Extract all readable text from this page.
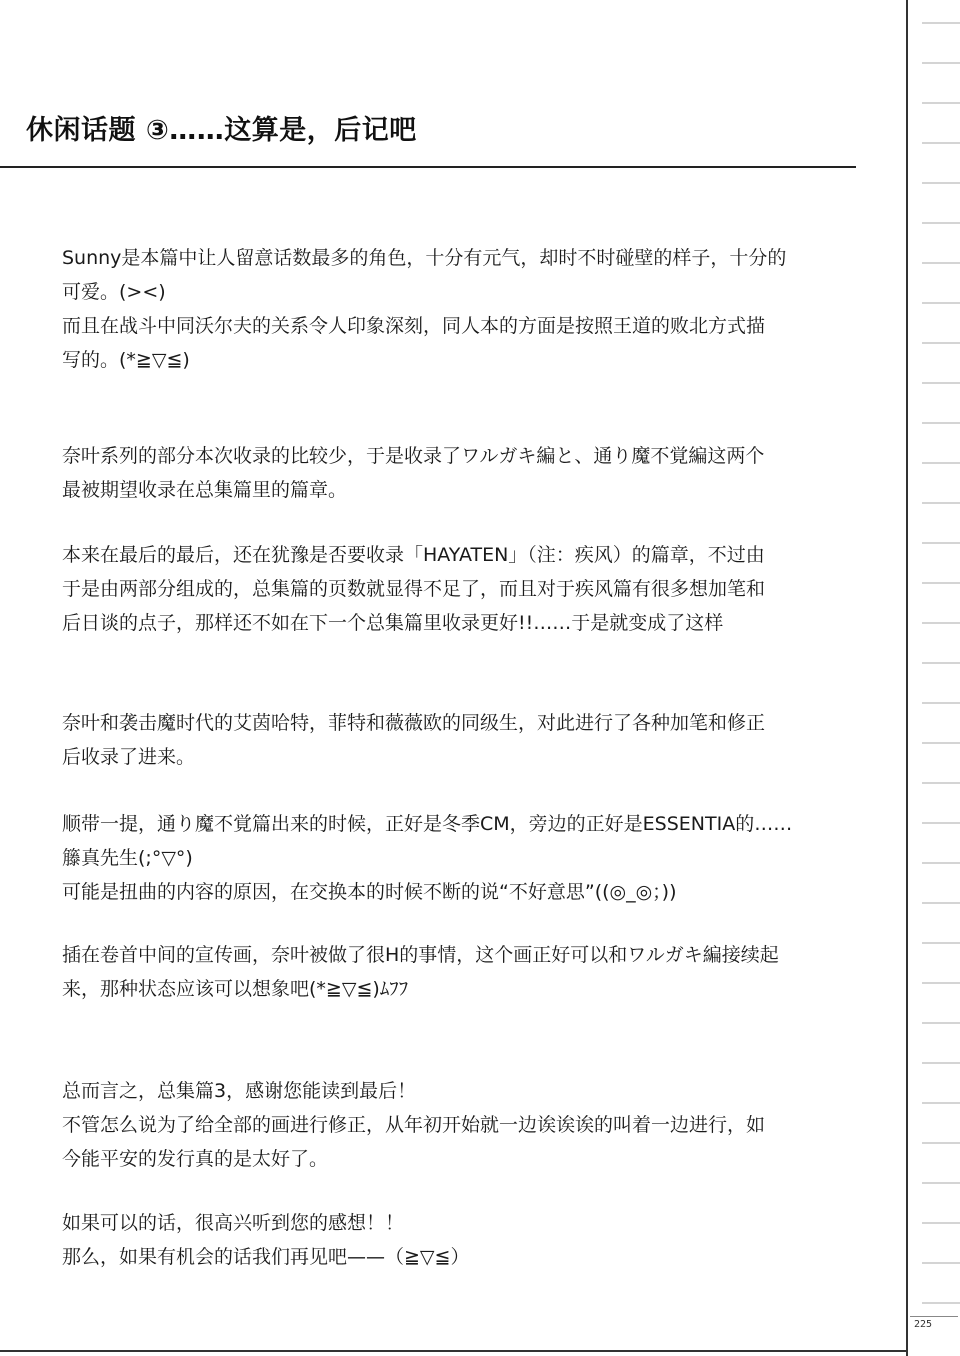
休闲话题 ③……这算是，后记吧
Sunny是本篇中让人留意话数最多的角色，十分有元气，却时不时碰壁的样子，十分的
可爱。(><)
而且在战斗中同沃尔夫的关系令人印象深刻，同人本的方面是按照王道的败北方式描
写的。(*≧▽≦)
奈叶系列的部分本次收录的比较少，于是收录了ワルガキ編と、通り魔不覚編这两个
最被期望收录在总集篇里的篇章。
本来在最后的最后，还在犹豫是否要收录「HAYATEN」（注：疾风）的篇章，不过由
于是由两部分组成的，总集篇的页数就显得不足了，而且对于疾风篇有很多想加笔和
后日谈的点子，那样还不如在下一个总集篇里收录更好!!……于是就变成了这样
奈叶和袭击魔时代的艾茵哈特，菲特和薇薇欧的同级生，对此进行了各种加笔和修正
后收录了进来。
顺带一提，通り魔不覚篇出来的时候，正好是冬季CM，旁边的正好是ESSENTIA的……
籐真先生(;°▽°)
可能是扭曲的内容的原因，在交换本的时候不断的说“不好意思”((◎_◎；))
插在卷首中间的宣传画，奈叶被做了很H的事情，这个画正好可以和ワルガキ編接续起
来，那种状态应该可以想象吧(*≧▽≦)ﾑﾌﾌ
总而言之，总集篇3，感谢您能读到最后！
不管怎么说为了给全部的画进行修正，从年初开始就一边诶诶诶的叫着一边进行，如
今能平安的发行真的是太好了。
如果可以的话，很高兴听到您的感想！！
那么，如果有机会的话我们再见吧——（≧▽≦）
225
